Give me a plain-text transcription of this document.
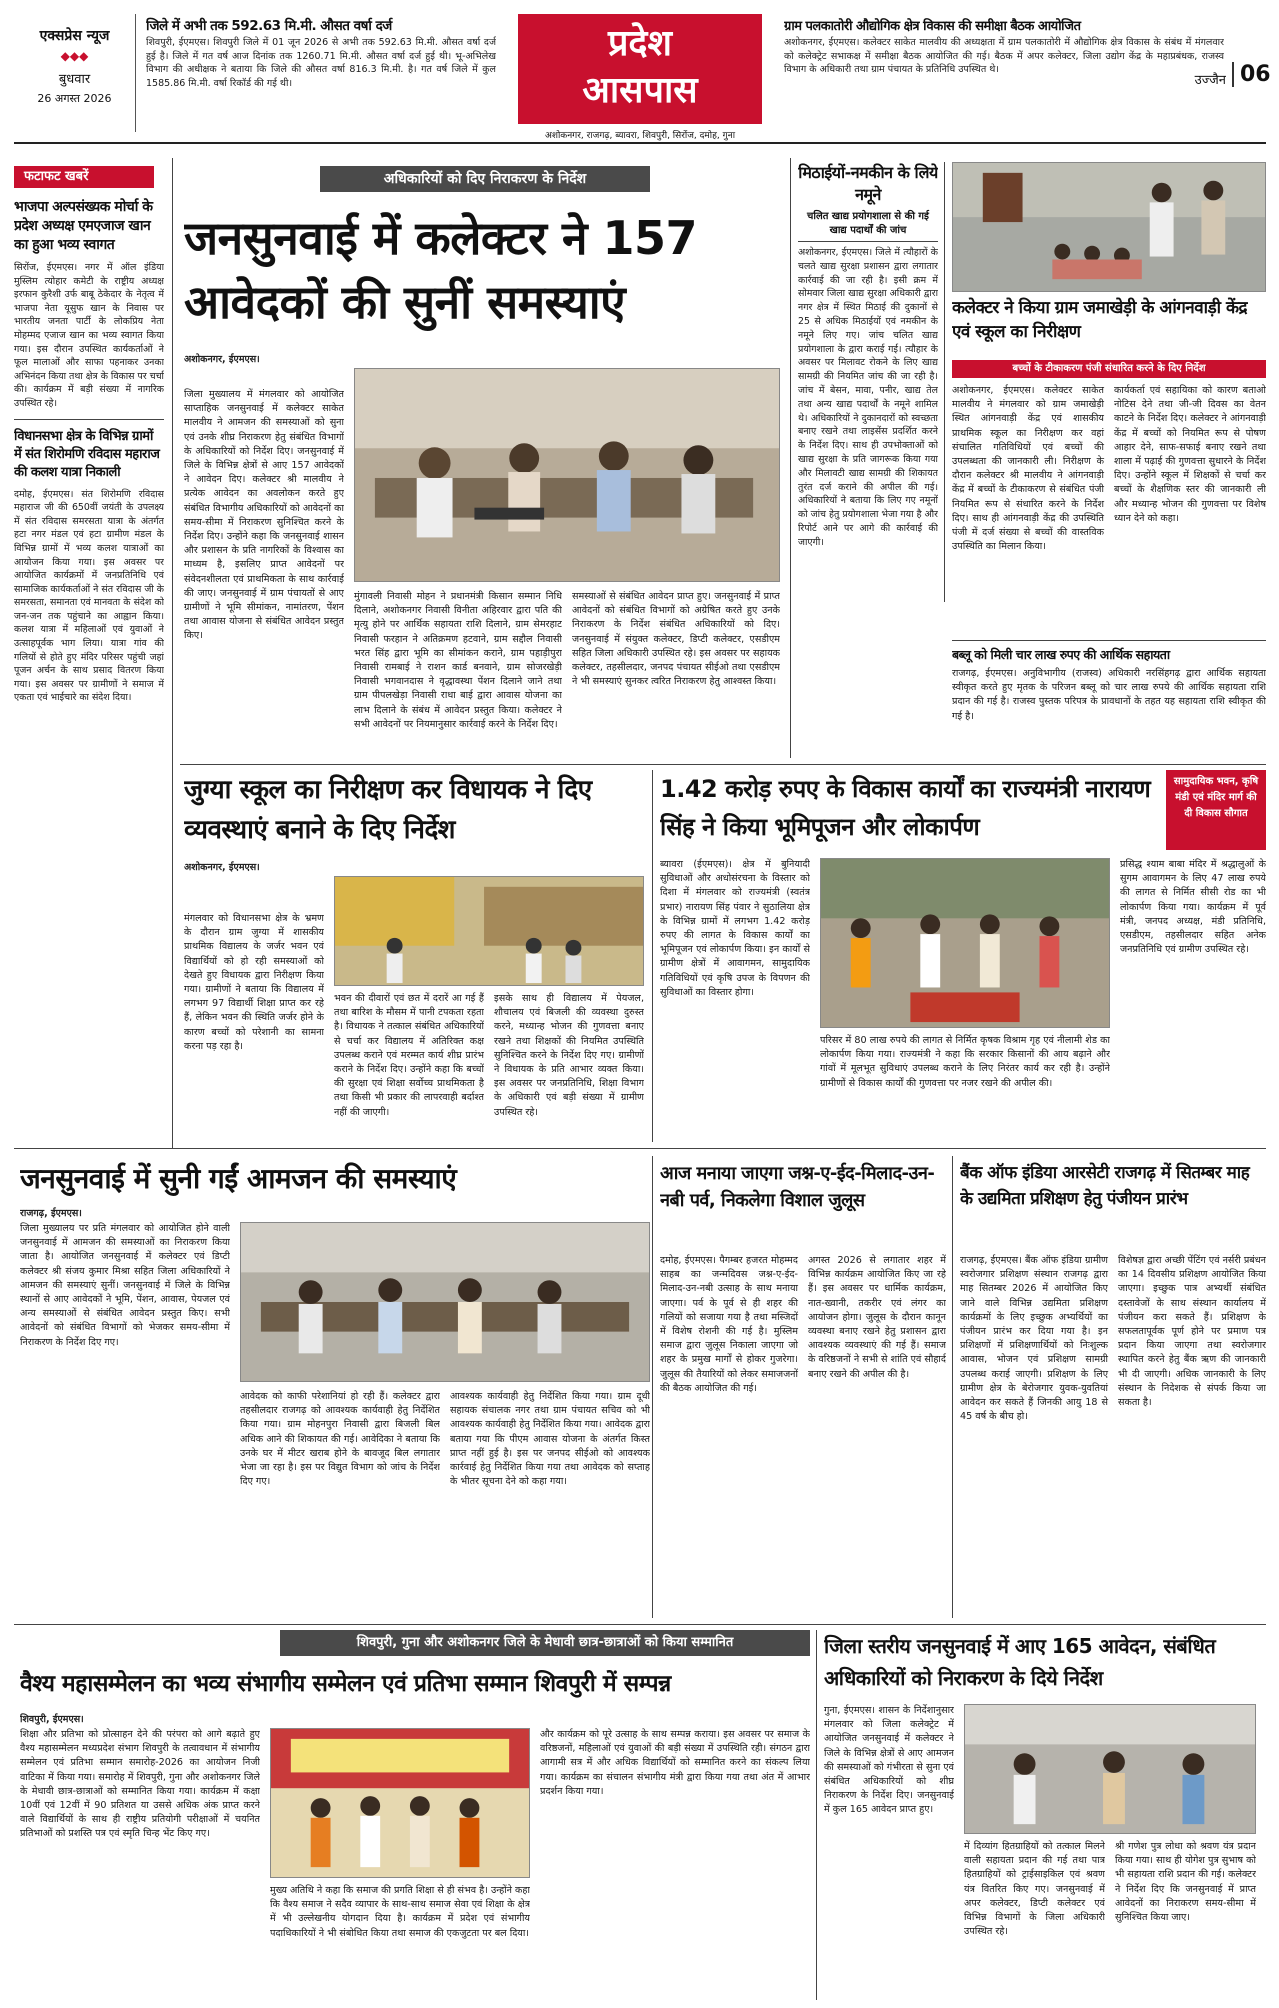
एक्सप्रेस न्यूज
◆◆◆
बुधवार
26 अगस्त 2026
जिले में अभी तक 592.63 मि.मी. औसत वर्षा दर्ज
शिवपुरी, ईएमएस। शिवपुरी जिले में 01 जून 2026 से अभी तक 592.63 मि.मी. औसत वर्षा दर्ज हुई है। जिले में गत वर्ष आज दिनांक तक 1260.71 मि.मी. औसत वर्षा दर्ज हुई थी। भू-अभिलेख विभाग की अधीक्षक ने बताया कि जिले की औसत वर्षा 816.3 मि.मी. है। गत वर्ष जिले में कुल 1585.86 मि.मी. वर्षा रिकॉर्ड की गई थी।
प्रदेश
आसपास
अशोकनगर, राजगढ़, ब्यावरा, शिवपुरी, सिरोंज, दमोह, गुना
ग्राम पलकातोरी औद्योगिक क्षेत्र विकास की समीक्षा बैठक आयोजित
अशोकनगर, ईएमएस। कलेक्टर साकेत मालवीय की अध्यक्षता में ग्राम पलकातोरी में औद्योगिक क्षेत्र विकास के संबंध में मंगलवार को कलेक्ट्रेट सभाकक्ष में समीक्षा बैठक आयोजित की गई। बैठक में अपर कलेक्टर, जिला उद्योग केंद्र के महाप्रबंधक, राजस्व विभाग के अधिकारी तथा ग्राम पंचायत के प्रतिनिधि उपस्थित थे।
उज्जैन 06
फटाफट खबरें
भाजपा अल्पसंख्यक मोर्चा के प्रदेश अध्यक्ष एमएजाज खान का हुआ भव्य स्वागत
सिरोंज, ईएमएस। नगर में ऑल इंडिया मुस्लिम त्योहार कमेटी के राष्ट्रीय अध्यक्ष इरफान कुरैशी उर्फ बाबू ठेकेदार के नेतृत्व में भाजपा नेता यूसुफ खान के निवास पर भारतीय जनता पार्टी के लोकप्रिय नेता मोहम्मद एजाज खान का भव्य स्वागत किया गया। इस दौरान उपस्थित कार्यकर्ताओं ने फूल मालाओं और साफा पहनाकर उनका अभिनंदन किया तथा क्षेत्र के विकास पर चर्चा की। कार्यक्रम में बड़ी संख्या में नागरिक उपस्थित रहे।
विधानसभा क्षेत्र के विभिन्न ग्रामों में संत शिरोमणि रविदास महाराज की कलश यात्रा निकाली
दमोह, ईएमएस। संत शिरोमणि रविदास महाराज जी की 650वीं जयंती के उपलक्ष्य में संत रविदास समरसता यात्रा के अंतर्गत हटा नगर मंडल एवं हटा ग्रामीण मंडल के विभिन्न ग्रामों में भव्य कलश यात्राओं का आयोजन किया गया। इस अवसर पर आयोजित कार्यक्रमों में जनप्रतिनिधि एवं सामाजिक कार्यकर्ताओं ने संत रविदास जी के समरसता, समानता एवं मानवता के संदेश को जन-जन तक पहुंचाने का आह्वान किया। कलश यात्रा में महिलाओं एवं युवाओं ने उत्साहपूर्वक भाग लिया। यात्रा गांव की गलियों से होते हुए मंदिर परिसर पहुंची जहां पूजन अर्चन के साथ प्रसाद वितरण किया गया। इस अवसर पर ग्रामीणों ने समाज में एकता एवं भाईचारे का संदेश दिया।
अधिकारियों को दिए निराकरण के निर्देश
जनसुनवाई में कलेक्टर ने 157 आवेदकों की सुनीं समस्याएं
अशोकनगर, ईएमएस।
जिला मुख्यालय में मंगलवार को आयोजित साप्ताहिक जनसुनवाई में कलेक्टर साकेत मालवीय ने आमजन की समस्याओं को सुना एवं उनके शीघ्र निराकरण हेतु संबंधित विभागों के अधिकारियों को निर्देश दिए। जनसुनवाई में जिले के विभिन्न क्षेत्रों से आए 157 आवेदकों ने आवेदन दिए। कलेक्टर श्री मालवीय ने प्रत्येक आवेदन का अवलोकन करते हुए संबंधित विभागीय अधिकारियों को आवेदनों का समय-सीमा में निराकरण सुनिश्चित करने के निर्देश दिए। उन्होंने कहा कि जनसुनवाई शासन और प्रशासन के प्रति नागरिकों के विश्वास का माध्यम है, इसलिए प्राप्त आवेदनों पर संवेदनशीलता एवं प्राथमिकता के साथ कार्रवाई की जाए। जनसुनवाई में ग्राम पंचायतों से आए ग्रामीणों ने भूमि सीमांकन, नामांतरण, पेंशन तथा आवास योजना से संबंधित आवेदन प्रस्तुत किए।
मुंगावली निवासी मोहन ने प्रधानमंत्री किसान सम्मान निधि दिलाने, अशोकनगर निवासी विनीता अहिरवार द्वारा पति की मृत्यु होने पर आर्थिक सहायता राशि दिलाने, ग्राम सेमरहाट निवासी फरहान ने अतिक्रमण हटवाने, ग्राम सद्दौल निवासी भरत सिंह द्वारा भूमि का सीमांकन कराने, ग्राम पहाड़ीपुरा निवासी रामबाई ने राशन कार्ड बनवाने, ग्राम सोजरखेड़ी निवासी भगवानदास ने वृद्धावस्था पेंशन दिलाने जाने तथा ग्राम पीपलखेड़ा निवासी राधा बाई द्वारा आवास योजना का लाभ दिलाने के संबंध में आवेदन प्रस्तुत किया। कलेक्टर ने सभी आवेदनों पर नियमानुसार कार्रवाई करने के निर्देश दिए।
समस्याओं से संबंधित आवेदन प्राप्त हुए। जनसुनवाई में प्राप्त आवेदनों को संबंधित विभागों को अग्रेषित करते हुए उनके निराकरण के निर्देश संबंधित अधिकारियों को दिए। जनसुनवाई में संयुक्त कलेक्टर, डिप्टी कलेक्टर, एसडीएम सहित जिला अधिकारी उपस्थित रहे। इस अवसर पर सहायक कलेक्टर, तहसीलदार, जनपद पंचायत सीईओ तथा एसडीएम ने भी समस्याएं सुनकर त्वरित निराकरण हेतु आश्वस्त किया।
मिठाईयों-नमकीन के लिये नमूने
चलित खाद्य प्रयोगशाला से की गई खाद्य पदार्थों की जांच
अशोकनगर, ईएमएस। जिले में त्यौहारों के चलते खाद्य सुरक्षा प्रशासन द्वारा लगातार कार्रवाई की जा रही है। इसी क्रम में सोमवार जिला खाद्य सुरक्षा अधिकारी द्वारा नगर क्षेत्र में स्थित मिठाई की दुकानों से 25 से अधिक मिठाईयों एवं नमकीन के नमूने लिए गए। जांच चलित खाद्य प्रयोगशाला के द्वारा कराई गई। त्यौहार के अवसर पर मिलावट रोकने के लिए खाद्य सामग्री की नियमित जांच की जा रही है। जांच में बेसन, मावा, पनीर, खाद्य तेल तथा अन्य खाद्य पदार्थों के नमूने शामिल थे। अधिकारियों ने दुकानदारों को स्वच्छता बनाए रखने तथा लाइसेंस प्रदर्शित करने के निर्देश दिए। साथ ही उपभोक्ताओं को खाद्य सुरक्षा के प्रति जागरूक किया गया और मिलावटी खाद्य सामग्री की शिकायत तुरंत दर्ज कराने की अपील की गई। अधिकारियों ने बताया कि लिए गए नमूनों को जांच हेतु प्रयोगशाला भेजा गया है और रिपोर्ट आने पर आगे की कार्रवाई की जाएगी।
कलेक्टर ने किया ग्राम जमाखेड़ी के आंगनवाड़ी केंद्र एवं स्कूल का निरीक्षण
बच्चों के टीकाकरण पंजी संधारित करने के दिए निर्देश
अशोकनगर, ईएमएस। कलेक्टर साकेत मालवीय ने मंगलवार को ग्राम जमाखेड़ी स्थित आंगनवाड़ी केंद्र एवं शासकीय प्राथमिक स्कूल का निरीक्षण कर वहां संचालित गतिविधियों एवं बच्चों की उपलब्धता की जानकारी ली। निरीक्षण के दौरान कलेक्टर श्री मालवीय ने आंगनवाड़ी केंद्र में बच्चों के टीकाकरण से संबंधित पंजी नियमित रूप से संधारित करने के निर्देश दिए। साथ ही आंगनवाड़ी केंद्र की उपस्थिति पंजी में दर्ज संख्या से बच्चों की वास्तविक उपस्थिति का मिलान किया।
कार्यकर्ता एवं सहायिका को कारण बताओ नोटिस देने तथा जी-जी दिवस का वेतन काटने के निर्देश दिए। कलेक्टर ने आंगनवाड़ी केंद्र में बच्चों को नियमित रूप से पोषण आहार देने, साफ-सफाई बनाए रखने तथा शाला में पढ़ाई की गुणवत्ता सुधारने के निर्देश दिए। उन्होंने स्कूल में शिक्षकों से चर्चा कर बच्चों के शैक्षणिक स्तर की जानकारी ली और मध्यान्ह भोजन की गुणवत्ता पर विशेष ध्यान देने को कहा।
बब्लू को मिली चार लाख रुपए की आर्थिक सहायता
राजगढ़, ईएमएस। अनुविभागीय (राजस्व) अधिकारी नरसिंहगढ़ द्वारा आर्थिक सहायता स्वीकृत करते हुए मृतक के परिजन बब्लू को चार लाख रुपये की आर्थिक सहायता राशि प्रदान की गई है। राजस्व पुस्तक परिपत्र के प्रावधानों के तहत यह सहायता राशि स्वीकृत की गई है।
जुग्या स्कूल का निरीक्षण कर विधायक ने दिए व्यवस्थाएं बनाने के दिए निर्देश
अशोकनगर, ईएमएस।
मंगलवार को विधानसभा क्षेत्र के भ्रमण के दौरान ग्राम जुग्या में शासकीय प्राथमिक विद्यालय के जर्जर भवन एवं विद्यार्थियों को हो रही समस्याओं को देखते हुए विधायक द्वारा निरीक्षण किया गया। ग्रामीणों ने बताया कि विद्यालय में लगभग 97 विद्यार्थी शिक्षा प्राप्त कर रहे हैं, लेकिन भवन की स्थिति जर्जर होने के कारण बच्चों को परेशानी का सामना करना पड़ रहा है।
भवन की दीवारों एवं छत में दरारें आ गई हैं तथा बारिश के मौसम में पानी टपकता रहता है। विधायक ने तत्काल संबंधित अधिकारियों से चर्चा कर विद्यालय में अतिरिक्त कक्ष उपलब्ध कराने एवं मरम्मत कार्य शीघ्र प्रारंभ कराने के निर्देश दिए। उन्होंने कहा कि बच्चों की सुरक्षा एवं शिक्षा सर्वोच्च प्राथमिकता है तथा किसी भी प्रकार की लापरवाही बर्दाश्त नहीं की जाएगी।
इसके साथ ही विद्यालय में पेयजल, शौचालय एवं बिजली की व्यवस्था दुरुस्त करने, मध्यान्ह भोजन की गुणवत्ता बनाए रखने तथा शिक्षकों की नियमित उपस्थिति सुनिश्चित करने के निर्देश दिए गए। ग्रामीणों ने विधायक के प्रति आभार व्यक्त किया। इस अवसर पर जनप्रतिनिधि, शिक्षा विभाग के अधिकारी एवं बड़ी संख्या में ग्रामीण उपस्थित रहे।
1.42 करोड़ रुपए के विकास कार्यों का राज्यमंत्री नारायण सिंह ने किया भूमिपूजन और लोकार्पण
सामुदायिक भवन, कृषि मंडी एवं मंदिर मार्ग की दी विकास सौगात
ब्यावरा (ईएमएस)। क्षेत्र में बुनियादी सुविधाओं और अधोसंरचना के विस्तार को दिशा में मंगलवार को राज्यमंत्री (स्वतंत्र प्रभार) नारायण सिंह पंवार ने सुठालिया क्षेत्र के विभिन्न ग्रामों में लगभग 1.42 करोड़ रुपए की लागत के विकास कार्यों का भूमिपूजन एवं लोकार्पण किया। इन कार्यों से ग्रामीण क्षेत्रों में आवागमन, सामुदायिक गतिविधियों एवं कृषि उपज के विपणन की सुविधाओं का विस्तार होगा।
परिसर में 80 लाख रुपये की लागत से निर्मित कृषक विश्राम गृह एवं नीलामी शेड का लोकार्पण किया गया। राज्यमंत्री ने कहा कि सरकार किसानों की आय बढ़ाने और गांवों में मूलभूत सुविधाएं उपलब्ध कराने के लिए निरंतर कार्य कर रही है। उन्होंने ग्रामीणों से विकास कार्यों की गुणवत्ता पर नजर रखने की अपील की।
प्रसिद्ध श्याम बाबा मंदिर में श्रद्धालुओं के सुगम आवागमन के लिए 47 लाख रुपये की लागत से निर्मित सीसी रोड का भी लोकार्पण किया गया। कार्यक्रम में पूर्व मंत्री, जनपद अध्यक्ष, मंडी प्रतिनिधि, एसडीएम, तहसीलदार सहित अनेक जनप्रतिनिधि एवं ग्रामीण उपस्थित रहे।
जनसुनवाई में सुनी गईं आमजन की समस्याएं
राजगढ़, ईएमएस।
जिला मुख्यालय पर प्रति मंगलवार को आयोजित होने वाली जनसुनवाई में आमजन की समस्याओं का निराकरण किया जाता है। आयोजित जनसुनवाई में कलेक्टर एवं डिप्टी कलेक्टर श्री संजय कुमार मिश्रा सहित जिला अधिकारियों ने आमजन की समस्याएं सुनीं। जनसुनवाई में जिले के विभिन्न स्थानों से आए आवेदकों ने भूमि, पेंशन, आवास, पेयजल एवं अन्य समस्याओं से संबंधित आवेदन प्रस्तुत किए। सभी आवेदनों को संबंधित विभागों को भेजकर समय-सीमा में निराकरण के निर्देश दिए गए।
आवेदक को काफी परेशानियां हो रही हैं। कलेक्टर द्वारा तहसीलदार राजगढ़ को आवश्यक कार्यवाही हेतु निर्देशित किया गया। ग्राम मोहनपुरा निवासी द्वारा बिजली बिल अधिक आने की शिकायत की गई। आवेदिका ने बताया कि उनके घर में मीटर खराब होने के बावजूद बिल लगातार भेजा जा रहा है। इस पर विद्युत विभाग को जांच के निर्देश दिए गए।
आवश्यक कार्यवाही हेतु निर्देशित किया गया। ग्राम दूधी सहायक संचालक नगर तथा ग्राम पंचायत सचिव को भी आवश्यक कार्यवाही हेतु निर्देशित किया गया। आवेदक द्वारा बताया गया कि पीएम आवास योजना के अंतर्गत किस्त प्राप्त नहीं हुई है। इस पर जनपद सीईओ को आवश्यक कार्रवाई हेतु निर्देशित किया गया तथा आवेदक को सप्ताह के भीतर सूचना देने को कहा गया।
आज मनाया जाएगा जश्न-ए-ईद-मिलाद-उन-नबी पर्व, निकलेगा विशाल जुलूस
दमोह, ईएमएस। पैगम्बर हजरत मोहम्मद साहब का जन्मदिवस जश्न-ए-ईद-मिलाद-उन-नबी उत्साह के साथ मनाया जाएगा। पर्व के पूर्व से ही शहर की गलियों को सजाया गया है तथा मस्जिदों में विशेष रोशनी की गई है। मुस्लिम समाज द्वारा जुलूस निकाला जाएगा जो शहर के प्रमुख मार्गों से होकर गुजरेगा। जुलूस की तैयारियों को लेकर समाजजनों की बैठक आयोजित की गई।
अगस्त 2026 से लगातार शहर में विभिन्न कार्यक्रम आयोजित किए जा रहे हैं। इस अवसर पर धार्मिक कार्यक्रम, नात-ख्वानी, तकरीर एवं लंगर का आयोजन होगा। जुलूस के दौरान कानून व्यवस्था बनाए रखने हेतु प्रशासन द्वारा आवश्यक व्यवस्थाएं की गई हैं। समाज के वरिष्ठजनों ने सभी से शांति एवं सौहार्द बनाए रखने की अपील की है।
बैंक ऑफ इंडिया आरसेटी राजगढ़ में सितम्बर माह के उद्यमिता प्रशिक्षण हेतु पंजीयन प्रारंभ
राजगढ़, ईएमएस। बैंक ऑफ इंडिया ग्रामीण स्वरोजगार प्रशिक्षण संस्थान राजगढ़ द्वारा माह सितम्बर 2026 में आयोजित किए जाने वाले विभिन्न उद्यमिता प्रशिक्षण कार्यक्रमों के लिए इच्छुक अभ्यर्थियों का पंजीयन प्रारंभ कर दिया गया है। इन प्रशिक्षणों में प्रशिक्षणार्थियों को निःशुल्क आवास, भोजन एवं प्रशिक्षण सामग्री उपलब्ध कराई जाएगी। प्रशिक्षण के लिए ग्रामीण क्षेत्र के बेरोजगार युवक-युवतियां आवेदन कर सकते हैं जिनकी आयु 18 से 45 वर्ष के बीच हो।
विशेषज्ञ द्वारा अच्छी पेंटिंग एवं नर्सरी प्रबंधन का 14 दिवसीय प्रशिक्षण आयोजित किया जाएगा। इच्छुक पात्र अभ्यर्थी संबंधित दस्तावेजों के साथ संस्थान कार्यालय में पंजीयन करा सकते हैं। प्रशिक्षण के सफलतापूर्वक पूर्ण होने पर प्रमाण पत्र प्रदान किया जाएगा तथा स्वरोजगार स्थापित करने हेतु बैंक ऋण की जानकारी भी दी जाएगी। अधिक जानकारी के लिए संस्थान के निदेशक से संपर्क किया जा सकता है।
शिवपुरी, गुना और अशोकनगर जिले के मेधावी छात्र-छात्राओं को किया सम्मानित
वैश्य महासम्मेलन का भव्य संभागीय सम्मेलन एवं प्रतिभा सम्मान शिवपुरी में सम्पन्न
शिवपुरी, ईएमएस।
शिक्षा और प्रतिभा को प्रोत्साहन देने की परंपरा को आगे बढ़ाते हुए वैश्य महासम्मेलन मध्यप्रदेश संभाग शिवपुरी के तत्वावधान में संभागीय सम्मेलन एवं प्रतिभा सम्मान समारोह-2026 का आयोजन निजी वाटिका में किया गया। समारोह में शिवपुरी, गुना और अशोकनगर जिले के मेधावी छात्र-छात्राओं को सम्मानित किया गया। कार्यक्रम में कक्षा 10वीं एवं 12वीं में 90 प्रतिशत या उससे अधिक अंक प्राप्त करने वाले विद्यार्थियों के साथ ही राष्ट्रीय प्रतियोगी परीक्षाओं में चयनित प्रतिभाओं को प्रशस्ति पत्र एवं स्मृति चिन्ह भेंट किए गए।
मुख्य अतिथि ने कहा कि समाज की प्रगति शिक्षा से ही संभव है। उन्होंने कहा कि वैश्य समाज ने सदैव व्यापार के साथ-साथ समाज सेवा एवं शिक्षा के क्षेत्र में भी उल्लेखनीय योगदान दिया है। कार्यक्रम में प्रदेश एवं संभागीय पदाधिकारियों ने भी संबोधित किया तथा समाज की एकजुटता पर बल दिया।
और कार्यक्रम को पूरे उत्साह के साथ सम्पन्न कराया। इस अवसर पर समाज के वरिष्ठजनों, महिलाओं एवं युवाओं की बड़ी संख्या में उपस्थिति रही। संगठन द्वारा आगामी सत्र में और अधिक विद्यार्थियों को सम्मानित करने का संकल्प लिया गया। कार्यक्रम का संचालन संभागीय मंत्री द्वारा किया गया तथा अंत में आभार प्रदर्शन किया गया।
जिला स्तरीय जनसुनवाई में आए 165 आवेदन, संबंधित अधिकारियों को निराकरण के दिये निर्देश
गुना, ईएमएस। शासन के निर्देशानुसार मंगलवार को जिला कलेक्ट्रेट में आयोजित जनसुनवाई में कलेक्टर ने जिले के विभिन्न क्षेत्रों से आए आमजन की समस्याओं को गंभीरता से सुना एवं संबंधित अधिकारियों को शीघ्र निराकरण के निर्देश दिए। जनसुनवाई में कुल 165 आवेदन प्राप्त हुए।
में दिव्यांग हितग्राहियों को तत्काल मिलने वाली सहायता प्रदान की गई तथा पात्र हितग्राहियों को ट्राईसाइकिल एवं श्रवण यंत्र वितरित किए गए। जनसुनवाई में अपर कलेक्टर, डिप्टी कलेक्टर एवं विभिन्न विभागों के जिला अधिकारी उपस्थित रहे।
श्री गणेश पुत्र लोधा को श्रवण यंत्र प्रदान किया गया। साथ ही योगेश पुत्र सुभाष को भी सहायता राशि प्रदान की गई। कलेक्टर ने निर्देश दिए कि जनसुनवाई में प्राप्त आवेदनों का निराकरण समय-सीमा में सुनिश्चित किया जाए।
